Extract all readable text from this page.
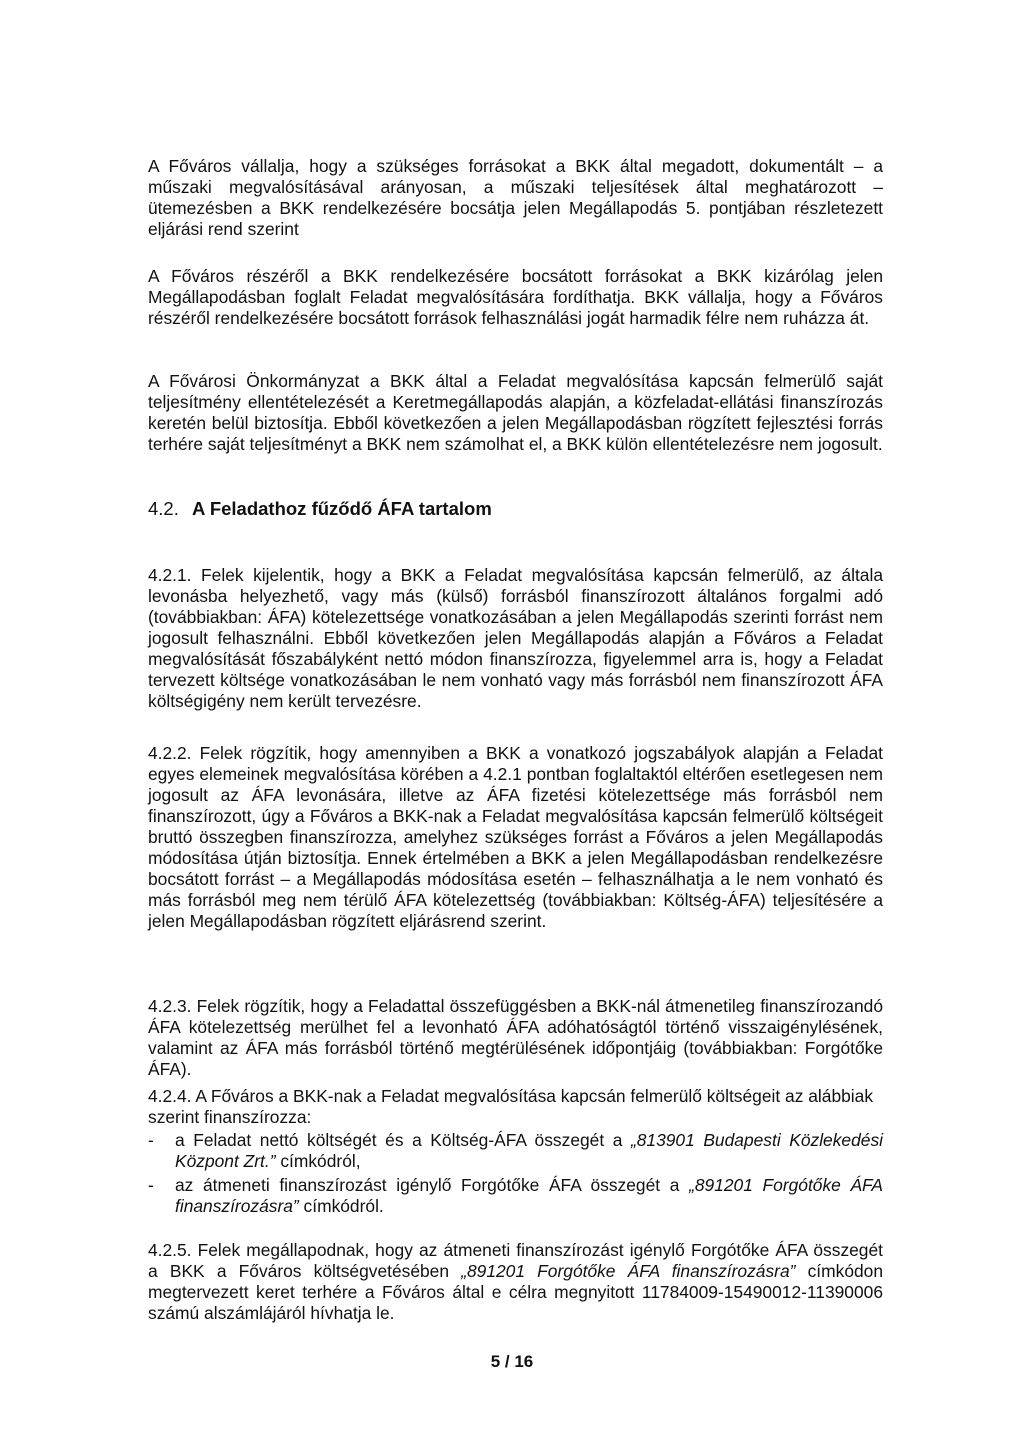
A Főváros vállalja, hogy a szükséges forrásokat a BKK által megadott, dokumentált – a műszaki megvalósításával arányosan, a műszaki teljesítések által meghatározott – ütemezésben a BKK rendelkezésére bocsátja jelen Megállapodás 5. pontjában részletezett eljárási rend szerint

A Főváros részéről a BKK rendelkezésére bocsátott forrásokat a BKK kizárólag jelen Megállapodásban foglalt Feladat megvalósítására fordíthatja. BKK vállalja, hogy a Főváros részéről rendelkezésére bocsátott források felhasználási jogát harmadik félre nem ruházza át.

A Fővárosi Önkormányzat a BKK által a Feladat megvalósítása kapcsán felmerülő saját teljesítmény ellentételezését a Keretmegállapodás alapján, a közfeladat-ellátási finanszírozás keretén belül biztosítja. Ebből következően a jelen Megállapodásban rögzített fejlesztési forrás terhére saját teljesítményt a BKK nem számolhat el, a BKK külön ellentételezésre nem jogosult.

4.2. A Feladathoz fűződő ÁFA tartalom

4.2.1. Felek kijelentik, hogy a BKK a Feladat megvalósítása kapcsán felmerülő, az általa levonásba helyezhető, vagy más (külső) forrásból finanszírozott általános forgalmi adó (továbbiakban: ÁFA) kötelezettsége vonatkozásában a jelen Megállapodás szerinti forrást nem jogosult felhasználni. Ebből következően jelen Megállapodás alapján a Főváros a Feladat megvalósítását főszabályként nettó módon finanszírozza, figyelemmel arra is, hogy a Feladat tervezett költsége vonatkozásában le nem vonható vagy más forrásból nem finanszírozott ÁFA költségigény nem került tervezésre.

4.2.2. Felek rögzítik, hogy amennyiben a BKK a vonatkozó jogszabályok alapján a Feladat egyes elemeinek megvalósítása körében a 4.2.1 pontban foglaltaktól eltérően esetlegesen nem jogosult az ÁFA levonására, illetve az ÁFA fizetési kötelezettsége más forrásból nem finanszírozott, úgy a Főváros a BKK-nak a Feladat megvalósítása kapcsán felmerülő költségeit bruttó összegben finanszírozza, amelyhez szükséges forrást a Főváros a jelen Megállapodás módosítása útján biztosítja. Ennek értelmében a BKK a jelen Megállapodásban rendelkezésre bocsátott forrást – a Megállapodás módosítása esetén – felhasználhatja a le nem vonható és más forrásból meg nem térülő ÁFA kötelezettség (továbbiakban: Költség-ÁFA) teljesítésére a jelen Megállapodásban rögzített eljárásrend szerint.

4.2.3. Felek rögzítik, hogy a Feladattal összefüggésben a BKK-nál átmenetileg finanszírozandó ÁFA kötelezettség merülhet fel a levonható ÁFA adóhatóságtól történő visszaigénylésének, valamint az ÁFA más forrásból történő megtérülésének időpontjáig (továbbiakban: Forgótőke ÁFA).

4.2.4. A Főváros a BKK-nak a Feladat megvalósítása kapcsán felmerülő költségeit az alábbiak szerint finanszírozza:

- a Feladat nettó költségét és a Költség-ÁFA összegét a „813901 Budapesti Közlekedési Központ Zrt.” címkódról,
- az átmeneti finanszírozást igénylő Forgótőke ÁFA összegét a „891201 Forgótőke ÁFA finanszírozásra” címkódról.

4.2.5. Felek megállapodnak, hogy az átmeneti finanszírozást igénylő Forgótőke ÁFA összegét a BKK a Főváros költségvetésében „891201 Forgótőke ÁFA finanszírozásra” címkódon megtervezett keret terhére a Főváros által e célra megnyitott 11784009-15490012-11390006 számú alszámlájáról hívhatja le.

5 / 16
